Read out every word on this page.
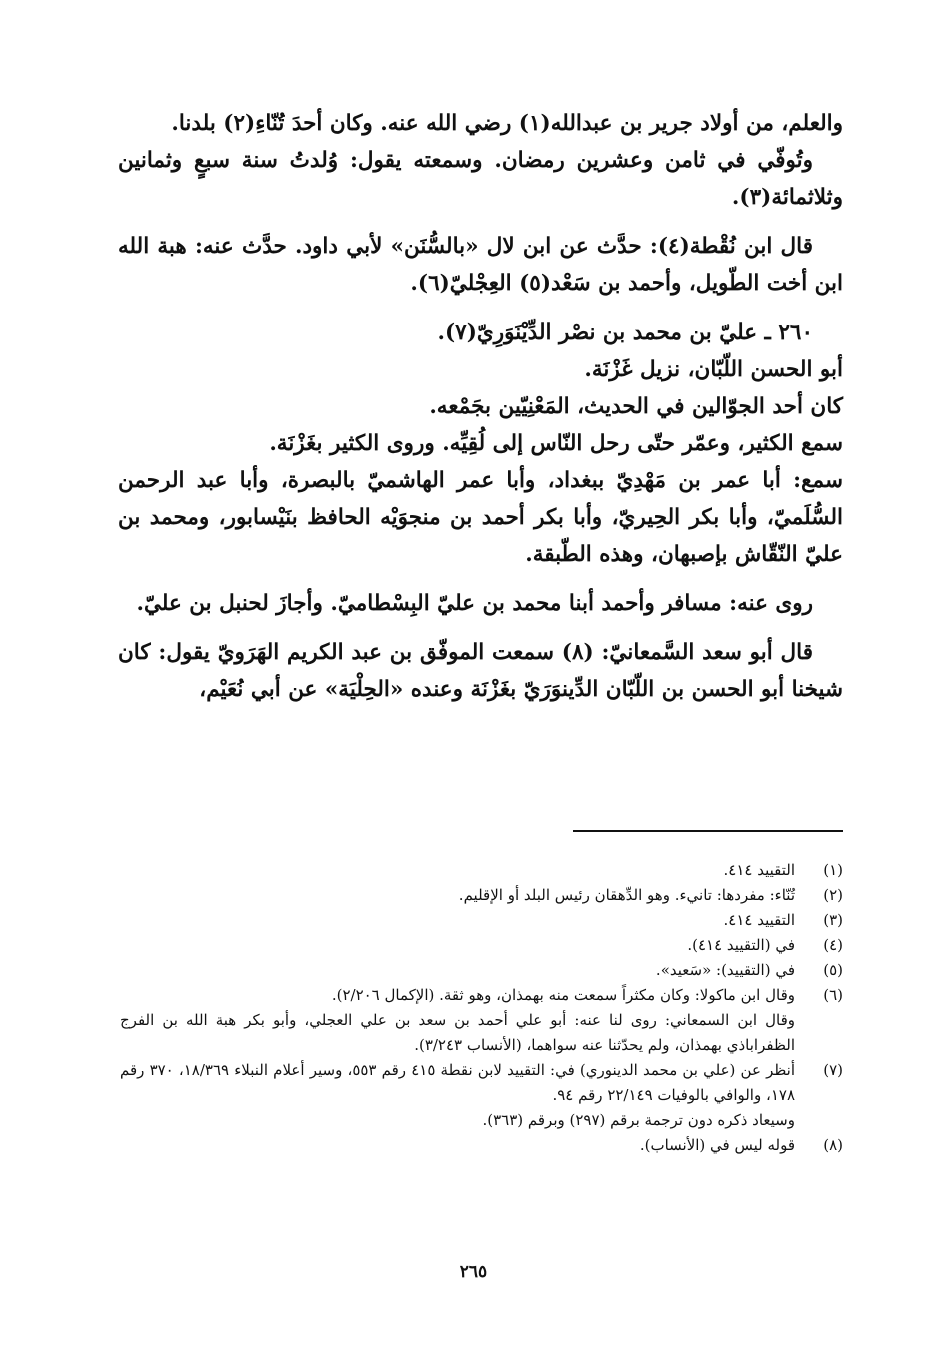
والعلم، من أولاد جرير بن عبدالله(١) رضي الله عنه. وكان أحدَ تُنّاءِ(٢) بلدنا.

وتُوفّي في ثامن وعشرين رمضان. وسمعته يقول: وُلدتُ سنة سبعٍ وثمانين وثلاثمائة(٣).

قال ابن نُقْطة(٤): حدَّث عن ابن لال «بالسُّنَن» لأبي داود. حدَّث عنه: هبة الله ابن أخت الطّويل، وأحمد بن سَعْد(٥) العِجْليّ(٦).

٢٦٠ ـ عليّ بن محمد بن نصْر الدِّيْنَوَرِيّ(٧).

أبو الحسن اللّبّان، نزيل غَزْنَة.

كان أحد الجوّالين في الحديث، المَعْنِيّين بجَمْعه.

سمع الكثير، وعمّر حتّى رحل النّاس إلى لُقِيِّه. وروى الكثير بغَزْنَة.

سمع: أبا عمر بن مَهْدِيّ ببغداد، وأبا عمر الهاشميّ بالبصرة، وأبا عبد الرحمن السُّلَميّ، وأبا بكر الحِيريّ، وأبا بكر أحمد بن منجوَيْه الحافظ بنَيْسابور، ومحمد بن عليّ النّقّاش بإصبهان، وهذه الطّبقة.

روى عنه: مسافر وأحمد أبنا محمد بن عليّ البِسْطاميّ. وأجازَ لحنبل بن عليّ.

قال أبو سعد السَّمعانيّ: (٨) سمعت الموفّق بن عبد الكريم الهَرَويّ يقول: كان شيخنا أبو الحسن بن اللّبّان الدِّينوَرَيّ بغَزْنَة وعنده «الحِلْيَة» عن أبي نُعَيْم،

(١)
التقييد ٤١٤.
(٢)
تُنّاء: مفردها: تانيء. وهو الدِّهقان رئيس البلد أو الإقليم.
(٣)
التقييد ٤١٤.
(٤)
في (التقييد ٤١٤).
(٥)
في (التقييد): «سَعيد».
(٦)
وقال ابن ماكولا: وكان مكثراً سمعت منه بهمذان، وهو ثقة. (الإكمال ٢/٢٠٦).
وقال ابن السمعاني: روى لنا عنه: أبو علي أحمد بن سعد بن علي العجلي، وأبو بكر هبة الله بن الفرج الظفراباذي بهمذان، ولم يحدّثنا عنه سواهما، (الأنساب ٣/٢٤٣).
(٧)
أنظر عن (علي بن محمد الدينوري) في: التقييد لابن نقطة ٤١٥ رقم ٥٥٣، وسير أعلام النبلاء ١٨/٣٦٩، ٣٧٠ رقم ١٧٨، والوافي بالوفيات ٢٢/١٤٩ رقم ٩٤.
وسيعاد ذكره دون ترجمة برقم (٢٩٧) وبرقم (٣٦٣).
(٨)
قوله ليس في (الأنساب).
٢٦٥
